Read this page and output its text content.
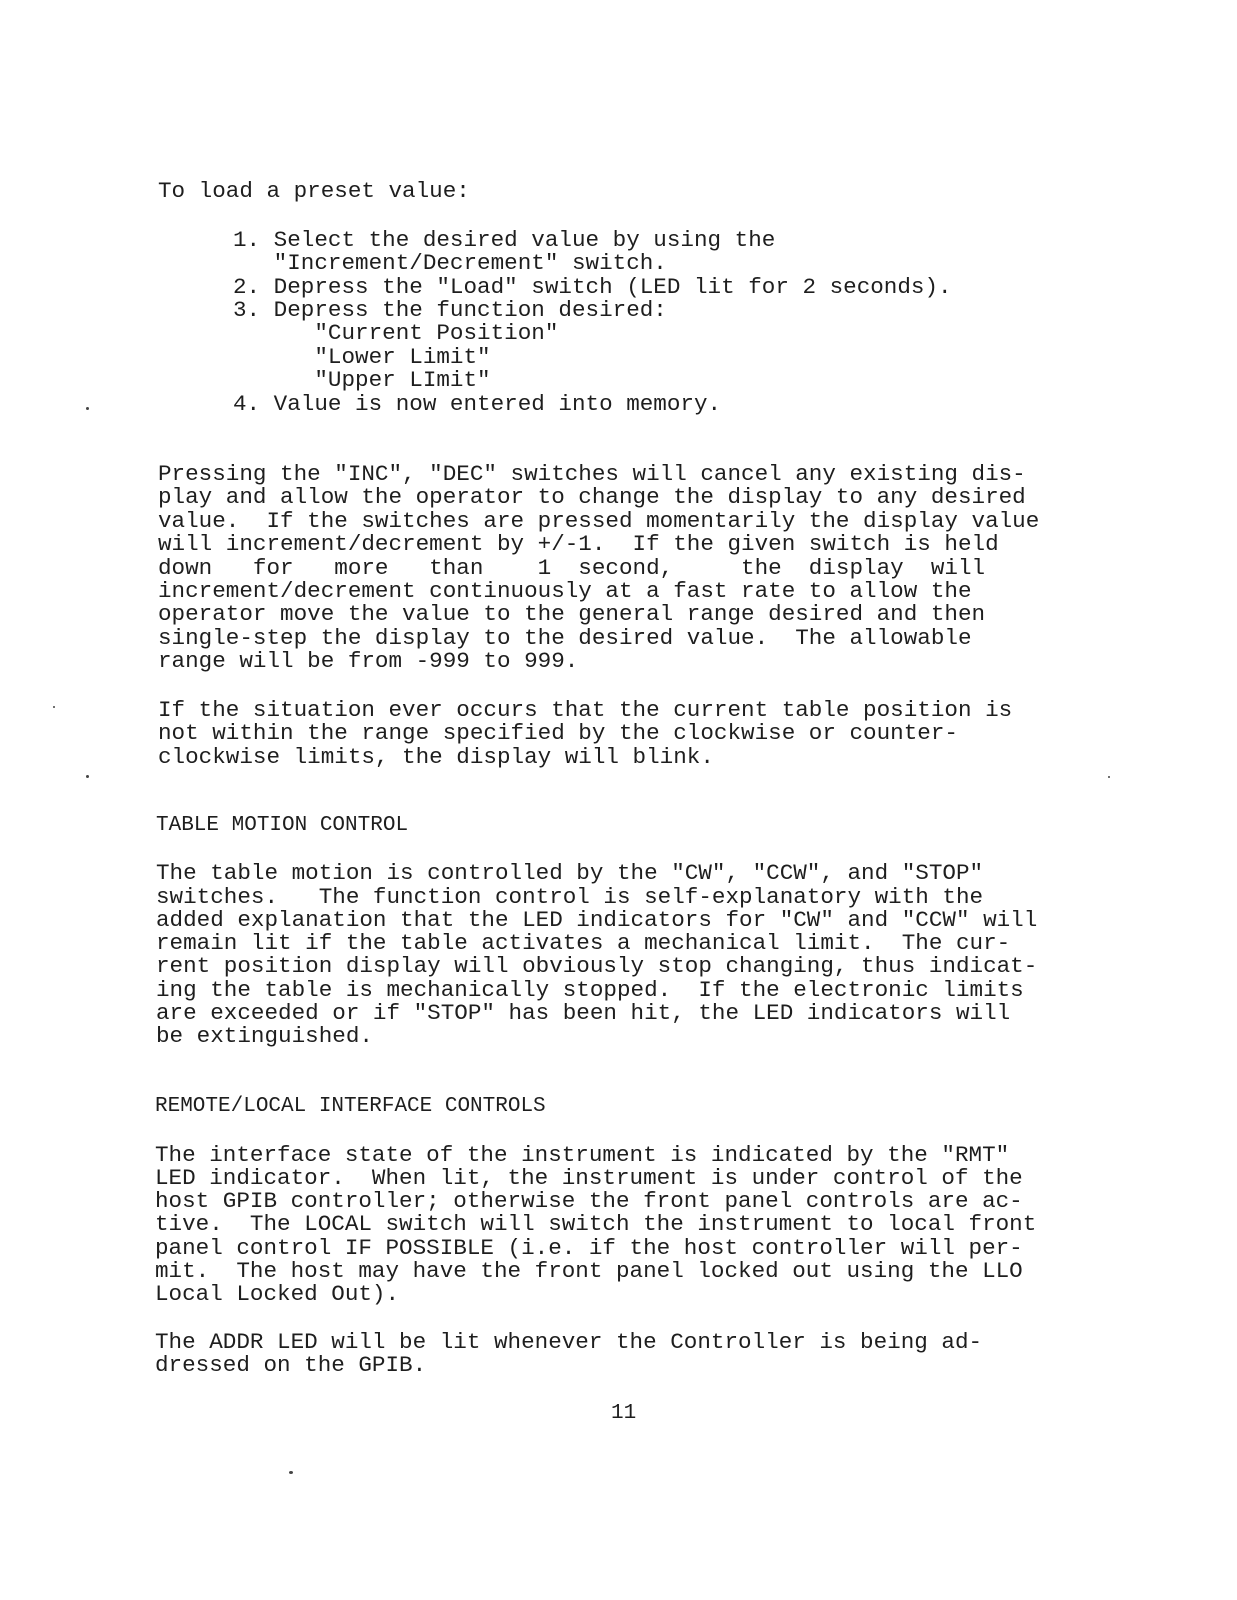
To load a preset value:
1. Select the desired value by using the
"Increment/Decrement" switch.
2. Depress the "Load" switch (LED lit for 2 seconds).
3. Depress the function desired:
"Current Position"
"Lower Limit"
"Upper LImit"
4. Value is now entered into memory.
Pressing the "INC", "DEC" switches will cancel any existing dis-
play and allow the operator to change the display to any desired
value.  If the switches are pressed momentarily the display value
will increment/decrement by +/-1.  If the given switch is held
down   for   more   than    1  second,     the  display  will
increment/decrement continuously at a fast rate to allow the
operator move the value to the general range desired and then
single-step the display to the desired value.  The allowable
range will be from -999 to 999.
If the situation ever occurs that the current table position is
not within the range specified by the clockwise or counter-
clockwise limits, the display will blink.
TABLE MOTION CONTROL
The table motion is controlled by the "CW", "CCW", and "STOP"
switches.   The function control is self-explanatory with the
added explanation that the LED indicators for "CW" and "CCW" will
remain lit if the table activates a mechanical limit.  The cur-
rent position display will obviously stop changing, thus indicat-
ing the table is mechanically stopped.  If the electronic limits
are exceeded or if "STOP" has been hit, the LED indicators will
be extinguished.
REMOTE/LOCAL INTERFACE CONTROLS
The interface state of the instrument is indicated by the "RMT"
LED indicator.  When lit, the instrument is under control of the
host GPIB controller; otherwise the front panel controls are ac-
tive.  The LOCAL switch will switch the instrument to local front
panel control IF POSSIBLE (i.e. if the host controller will per-
mit.  The host may have the front panel locked out using the LLO
Local Locked Out).
The ADDR LED will be lit whenever the Controller is being ad-
dressed on the GPIB.
11
